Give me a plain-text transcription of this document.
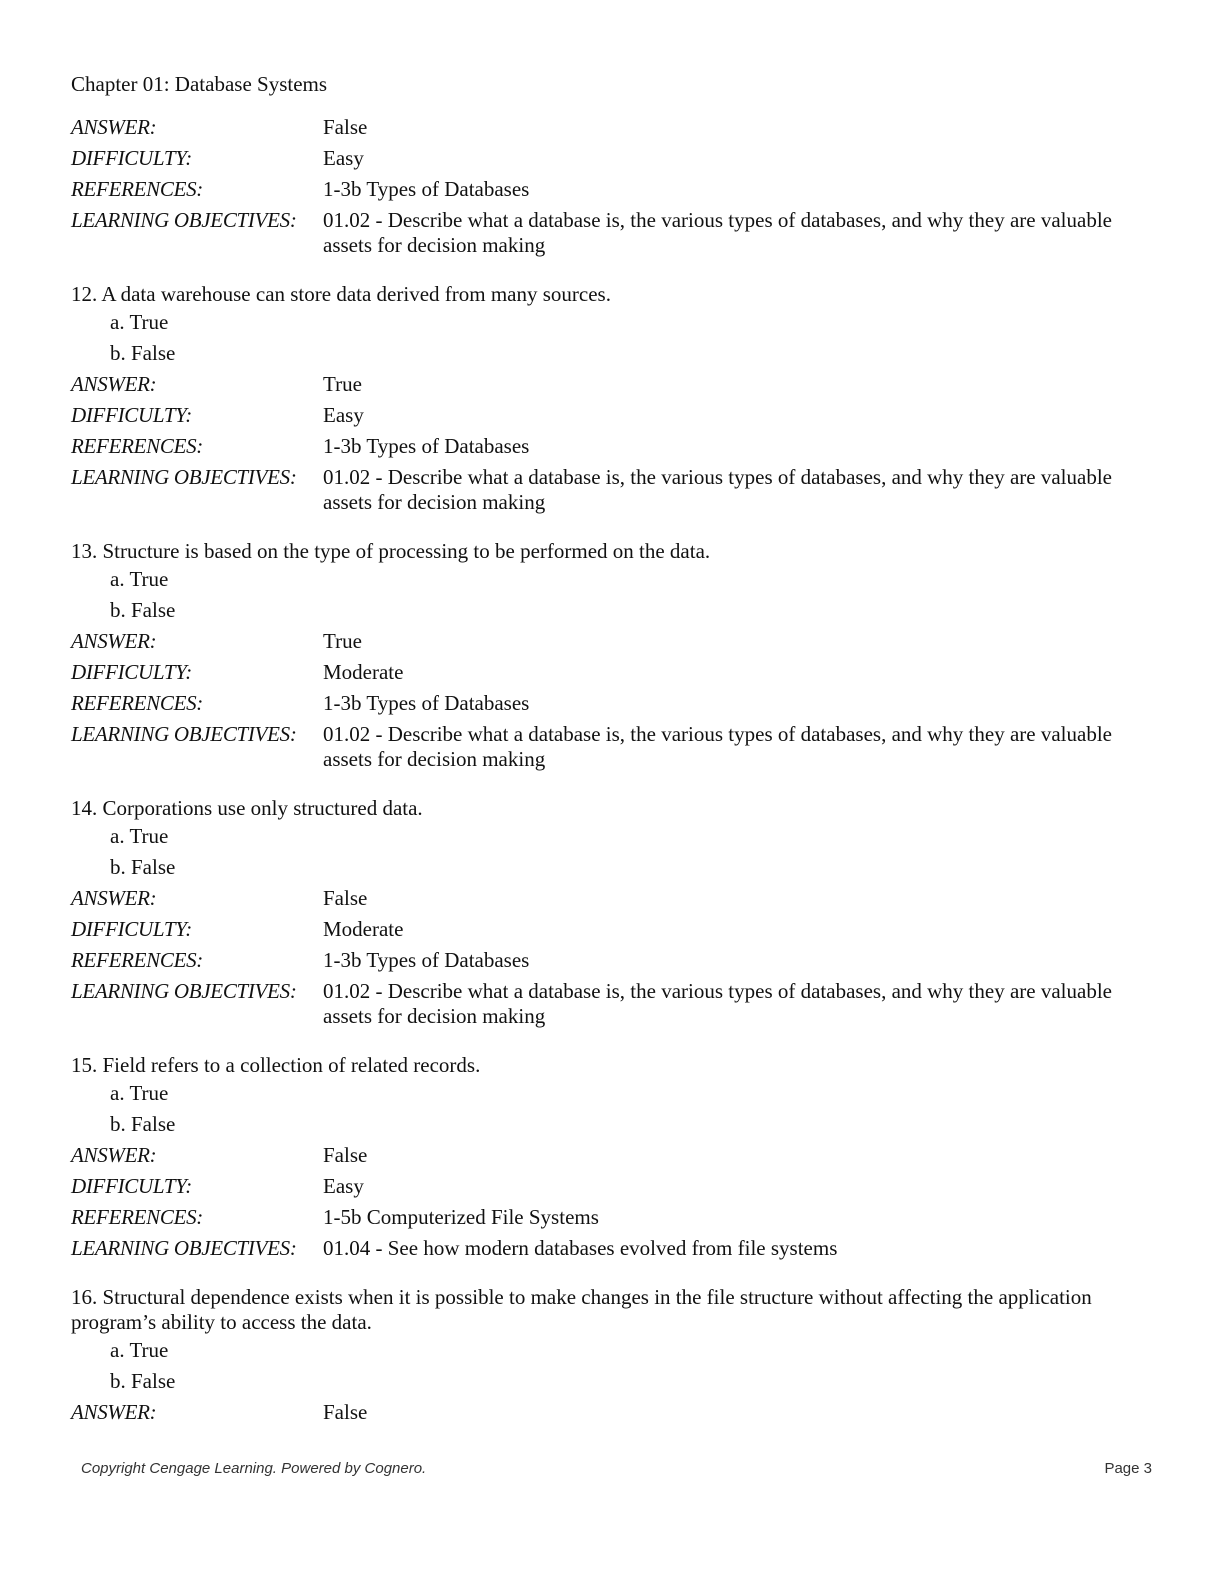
Chapter 01: Database Systems
ANSWER:	False
DIFFICULTY:	Easy
REFERENCES:	1-3b Types of Databases
LEARNING OBJECTIVES:	01.02 - Describe what a database is, the various types of databases, and why they are valuable assets for decision making
12. A data warehouse can store data derived from many sources.
a. True
b. False
ANSWER:	True
DIFFICULTY:	Easy
REFERENCES:	1-3b Types of Databases
LEARNING OBJECTIVES:	01.02 - Describe what a database is, the various types of databases, and why they are valuable assets for decision making
13. Structure is based on the type of processing to be performed on the data.
a. True
b. False
ANSWER:	True
DIFFICULTY:	Moderate
REFERENCES:	1-3b Types of Databases
LEARNING OBJECTIVES:	01.02 - Describe what a database is, the various types of databases, and why they are valuable assets for decision making
14. Corporations use only structured data.
a. True
b. False
ANSWER:	False
DIFFICULTY:	Moderate
REFERENCES:	1-3b Types of Databases
LEARNING OBJECTIVES:	01.02 - Describe what a database is, the various types of databases, and why they are valuable assets for decision making
15. Field refers to a collection of related records.
a. True
b. False
ANSWER:	False
DIFFICULTY:	Easy
REFERENCES:	1-5b Computerized File Systems
LEARNING OBJECTIVES:	01.04 - See how modern databases evolved from file systems
16. Structural dependence exists when it is possible to make changes in the file structure without affecting the application program’s ability to access the data.
a. True
b. False
ANSWER:	False
Copyright Cengage Learning. Powered by Cognero.	Page 3
